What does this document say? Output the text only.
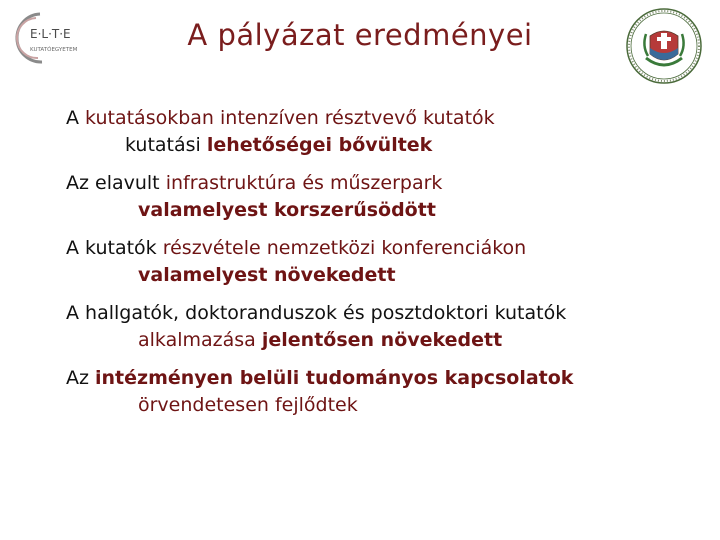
E·L·T·E
KUTATÓEGYETEM	A pályázat eredményei
A kutatásokban intenzíven résztvevő kutatók
kutatási lehetőségei bővültek
Az elavult infrastruktúra és műszerpark
valamelyest korszerűsödött
A kutatók részvétele nemzetközi konferenciákon
valamelyest növekedett
A hallgatók, doktoranduszok és posztdoktori kutatók
alkalmazása jelentősen növekedett
Az intézményen belüli tudományos kapcsolatok
örvendetesen fejlődtek
